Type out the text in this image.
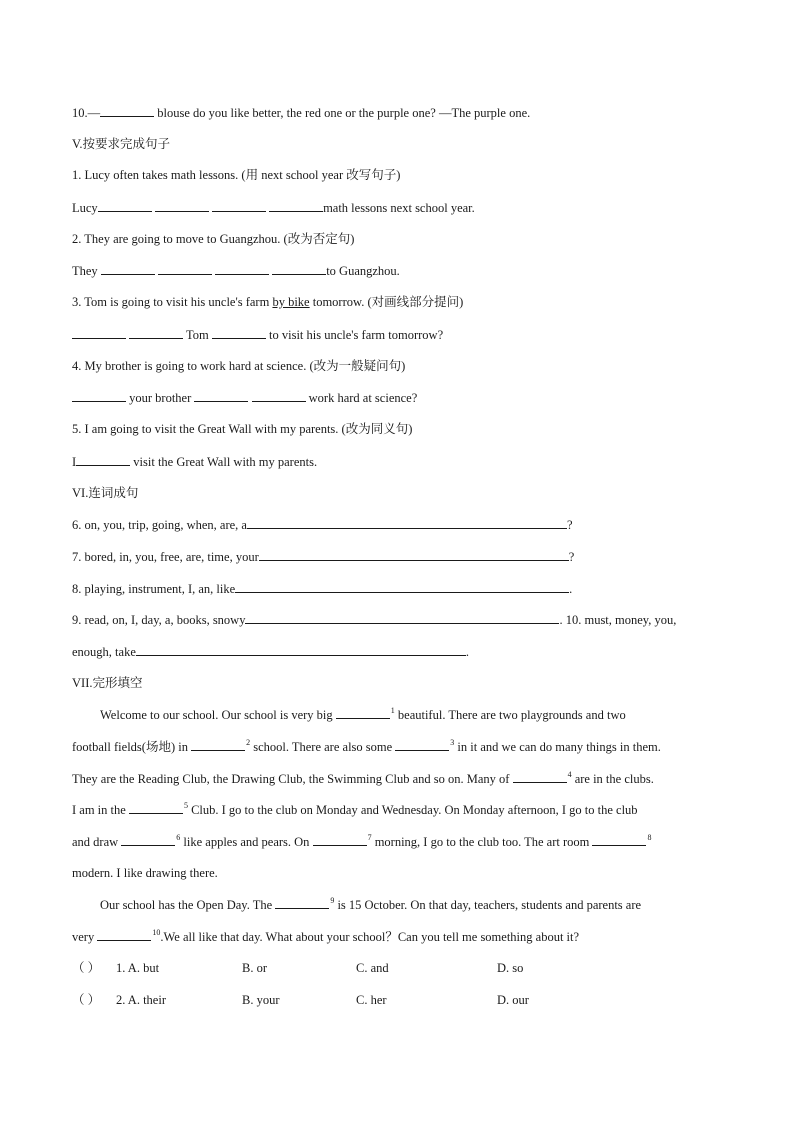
10.—	blouse do you like better, the red one or the purple one? —The purple one.
V.按要求完成句子
1. Lucy often takes math lessons. (用 next school year 改写句子)
Lucy	math lessons next school year.
2. They are going to move to Guangzhou. (改为否定句)
They	to Guangzhou.
3. Tom is going to visit his uncle's farm by bike tomorrow. (对画线部分提问)
Tom	to visit his uncle's farm tomorrow?
4. My brother is going to work hard at science. (改为一般疑问句)
your brother	work hard at science?
5. I am going to visit the Great Wall with my parents. (改为同义句)
I	visit the Great Wall with my parents.
VI.连词成句
6. on, you, trip, going, when, are, a	?
7. bored, in, you, free, are, time, your	?
8. playing, instrument, I, an, like	.
9. read, on, I, day, a, books, snowy	. 10. must, money, you,
enough, take	.
VII.完形填空
Welcome to our school. Our school is very big	$^1$ beautiful. There are two playgrounds and two
football fields(场地) in	$^2$ school. There are also some	$^3$ in it and we can do many things in them.
They are the Reading Club, the Drawing Club, the Swimming Club and so on. Many of	$^4$ are in the clubs.
I am in the	$^5$ Club. I go to the club on Monday and Wednesday. On Monday afternoon, I go to the club
and draw	$^6$ like apples and pears. On	$^7$ morning, I go to the club too. The art room	$^8$
modern. I like drawing there.
Our school has the Open Day. The	$^9$ is 15 October. On that day, teachers, students and parents are
very	$^{10}$.We all like that day. What about your school？Can you tell me something about it?
（ ） 1. A. but	B. or	C. and	D. so
（ ） 2. A. their	B. your	C. her	D. our
